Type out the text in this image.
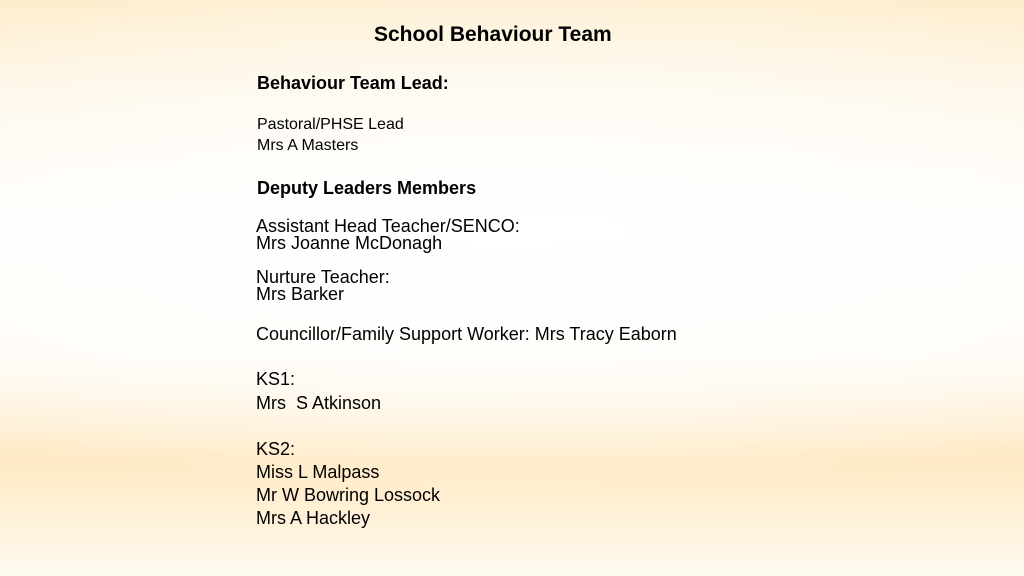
School Behaviour Team

Behaviour Team Lead:

Pastoral/PHSE Lead

Mrs A Masters

Deputy Leaders Members

Assistant Head Teacher/SENCO:

Mrs Joanne McDonagh

Nurture Teacher:

Mrs Barker

Councillor/Family Support Worker: Mrs Tracy Eaborn

KS1:

Mrs  S Atkinson

KS2:

Miss L Malpass

Mr W Bowring Lossock

Mrs A Hackley
